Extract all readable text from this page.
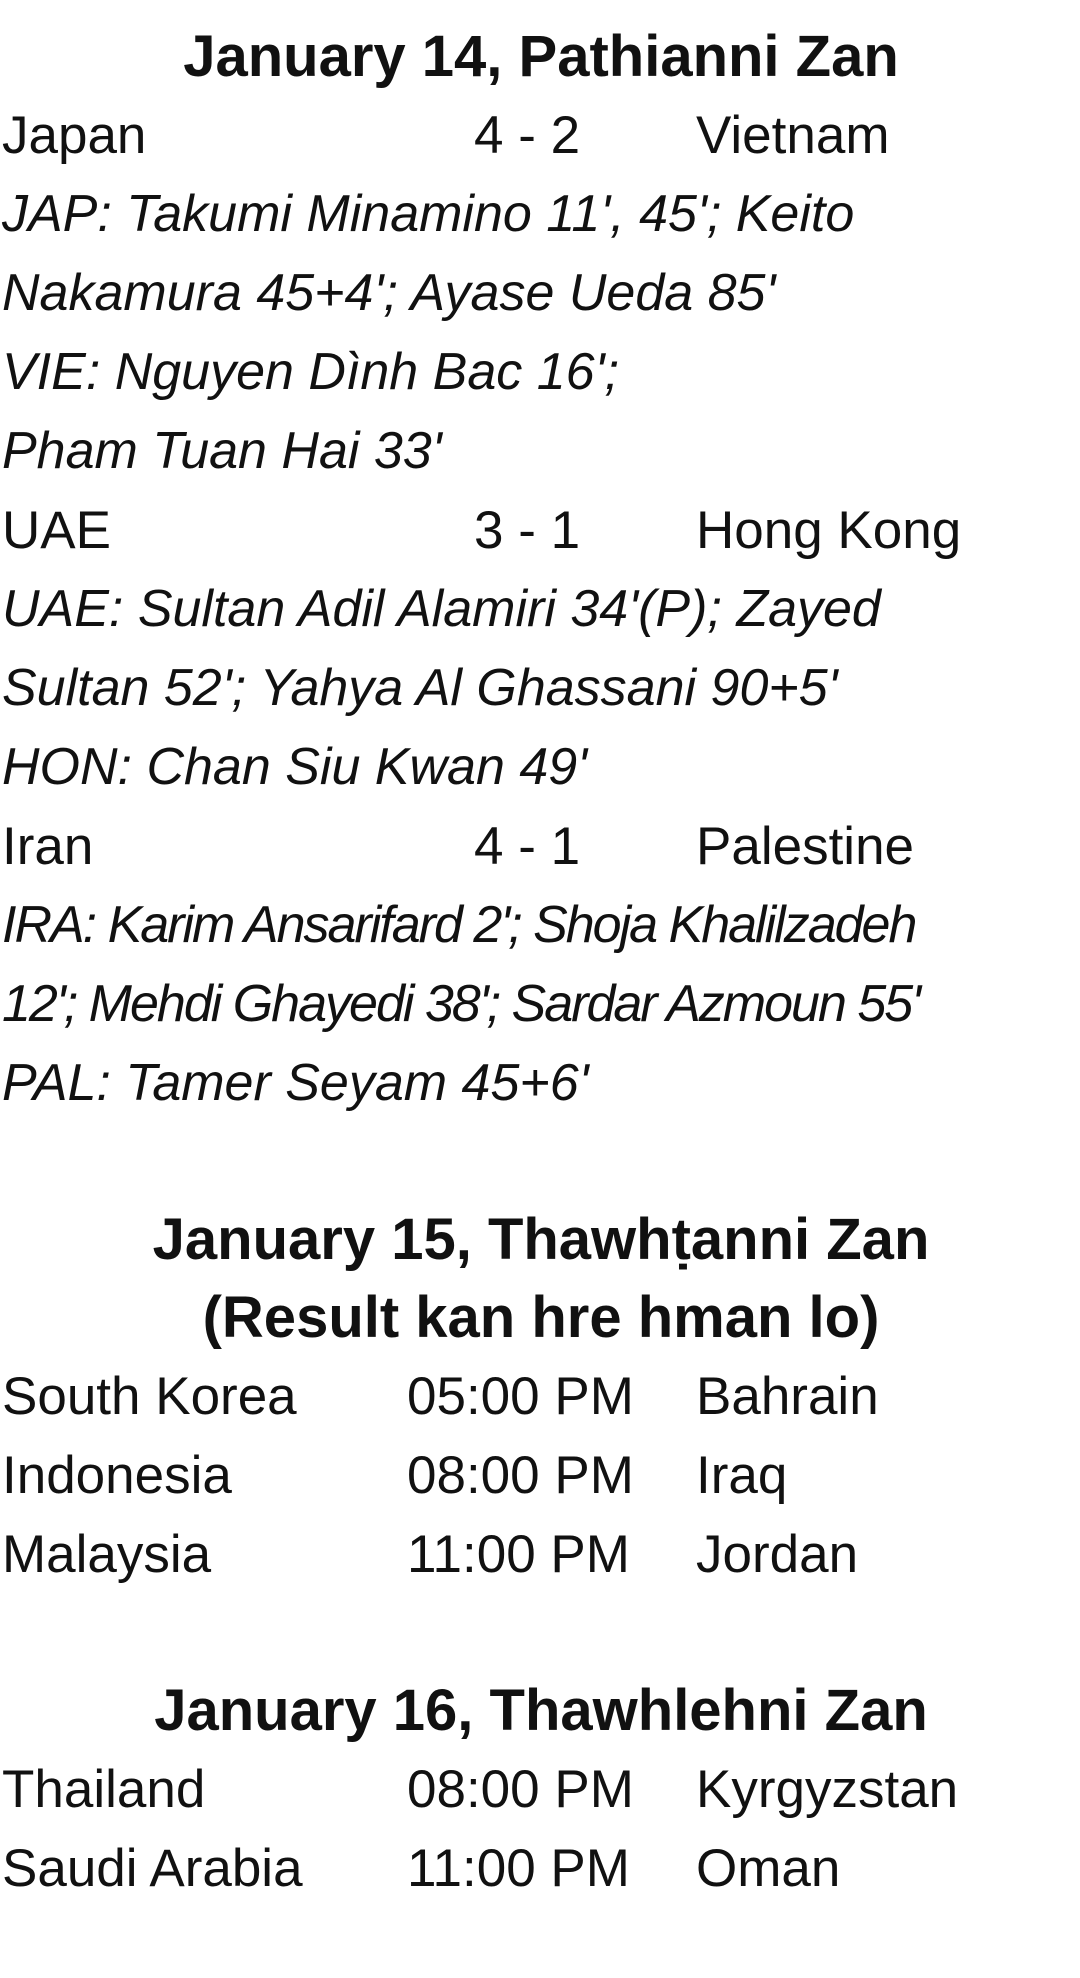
January 14, Pathianni Zan
Japan	4 - 2 Vietnam
JAP: Takumi Minamino 11', 45'; Keito
Nakamura 45+4'; Ayase Ueda 85'
VIE: Nguyen Dình Bac 16';
Pham Tuan Hai 33'
UAE	3 - 1 Hong Kong
UAE: Sultan Adil Alamiri 34'(P); Zayed
Sultan 52'; Yahya Al Ghassani 90+5'
HON: Chan Siu Kwan 49'
Iran	4 - 1 Palestine
IRA: Karim Ansarifard 2'; Shoja Khalilzadeh
12'; Mehdi Ghayedi 38'; Sardar Azmoun 55'
PAL: Tamer Seyam 45+6'
January 15, Thawhṭanni Zan
(Result kan hre hman lo)
South Korea 05:00 PM Bahrain
Indonesia	08:00 PM Iraq
Malaysia	11:00 PM Jordan
January 16, Thawhlehni Zan
Thailand	08:00 PM Kyrgyzstan
Saudi Arabia 11:00 PM Oman
